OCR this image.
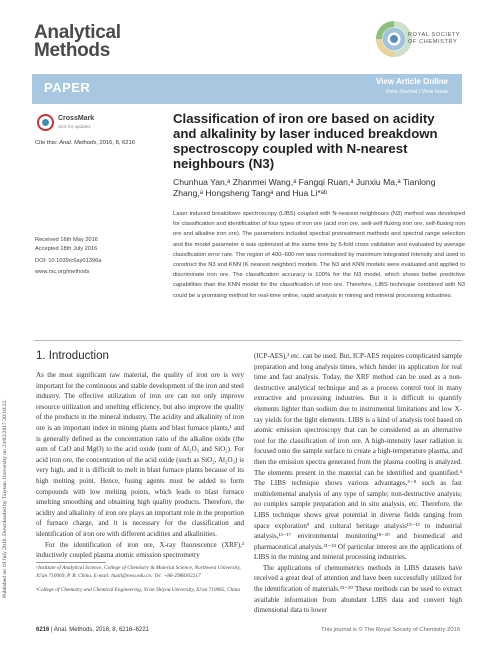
Analytical
Methods
ROYAL SOCIETY
OF CHEMISTRY
PAPER	View Article Online
View Journal | View Issue
Published on 19 July 2016. Downloaded by Taiyuan University on 23/02/2017 20:10:22.
CrossMark
click for updates
Cite this: Anal. Methods, 2016, 8, 6216
Classification of iron ore based on acidity and alkalinity by laser induced breakdown spectroscopy coupled with N-nearest neighbours (N3)
Chunhua Yan,ᵃ Zhanmei Wang,ᵃ Fangqi Ruan,ᵃ Junxiu Ma,ᵃ Tianlong Zhang,ᵃ Hongsheng Tangᵃ and Hua Li*ᵃᵇ
Laser induced breakdown spectroscopy (LIBS) coupled with N-nearest neighbours (N3) method was developed for classification and identification of four types of iron ore (acid iron ore, seili-self fluxing iron ore, self-fluxing iron ore and alkaline iron ore). The parameters included spectral pretreatment methods and spectral range selection and the model parameter α was optimized at the same time by 5-fold cross validation and evaluated by average classification error rate. The region of 400–600 nm was normalized by maximum integrated intensity and used to construct the N3 and KNN (K nearest neighbor) models. The N3 and KNN models were evaluated and applied to discriminate iron ore. The classification accuracy is 100% for the N3 model, which shows better predictive capabilities than the KNN model for the classification of iron ore. Therefore, LIBS technique combined with N3 could be a promising method for real-time online, rapid analysis in mining and mineral processing industries.
Received 16th May 2016
Accepted 18th July 2016
DOI: 10.1039/c6ay01396a
www.rsc.org/methods
1. Introduction

As the most significant raw material, the quality of iron ore is very important for the continuous and stable development of the iron and steel industry. The effective utilization of iron ore can not only improve resource utilization and smelting efficiency, but also improve the quality of the products in the mineral industry. The acidity and alkalinity of iron ore is an important index in mining plants and blast furnace plants,¹ and is generally defined as the concentration ratio of the alkaline oxide (the sum of CaO and MgO) to the acid oxide (sum of Al₂O₃ and SiO₂). For acid iron ore, the concentration of the acid oxide (such as SiO₂, Al₂O₃) is very high, and it is difficult to melt in blast furnace plants because of its high melting point. Hence, fusing agents must be added to form compounds with low melting points, which leads to blast furnace smelting smoothing and obtaining high quality products. Therefore, the acidity and alkalinity of iron ore plays an important role in the proportion of furnace charge, and it is necessary for the classification and identification of iron ore with different acidities and alkalinities.

For the identification of iron ore, X-ray fluorescence (XRF),² inductively coupled plasma atomic emission spectrometry

(ICP-AES),³ etc. can be used. But, ICP-AES requires complicated sample preparation and long analysis times, which hinder its application for real time and fast analysis. Today, the XRF method can be used as a non-destructive analytical technique and as a process control tool in many extractive and processing industries. But it is difficult to quantify elements lighter than sodium due to instrumental limitations and low X-ray yields for the light elements. LIBS is a kind of analysis tool based on atomic emission spectroscopy that can be considered as an alternative tool for the classification of iron ore. A high-intensity laser radiation is focused onto the sample surface to create a high-temperature plasma, and then the emission spectra generated from the plasma cooling is analyzed. The elements present in the material can be identified and quantified.⁴ The LIBS technique shows various advantages,⁵⁻⁸ such as fast multielemental analysis of any type of sample; non-destructive analysis; no complex sample preparation and in situ analysis, etc. Therefore, the LIBS technique shows great potential in diverse fields ranging from space exploration⁹ and cultural heritage analysis¹⁰⁻¹² to industrial analysis,¹³⁻¹⁷ environmental monitoring¹⁸⁻²⁰ and biomedical and pharmaceutical analysis.²¹⁻²⁴ Of particular interest are the applications of LIBS in the mining and mineral processing industries.

The applications of chemometrics methods in LIBS datasets have received a great deal of attention and have been successfully utilized for the identification of materials.²⁵⁻³⁰ These methods can be used to extract available information from abundant LIBS data and convert high dimensional data to lower

ᵃInstitute of Analytical Science, College of Chemistry & Material Science, Northwest University, Xi'an 710069, P. R. China. E-mail: huali@nwu.edu.cn; Tel: +86-2988302217
ᵇCollege of Chemistry and Chemical Engineering, Xi'an Shiyou University, Xi'an 710065, China
6216 | Anal. Methods, 2016, 8, 6216–6221	This journal is © The Royal Society of Chemistry 2016
